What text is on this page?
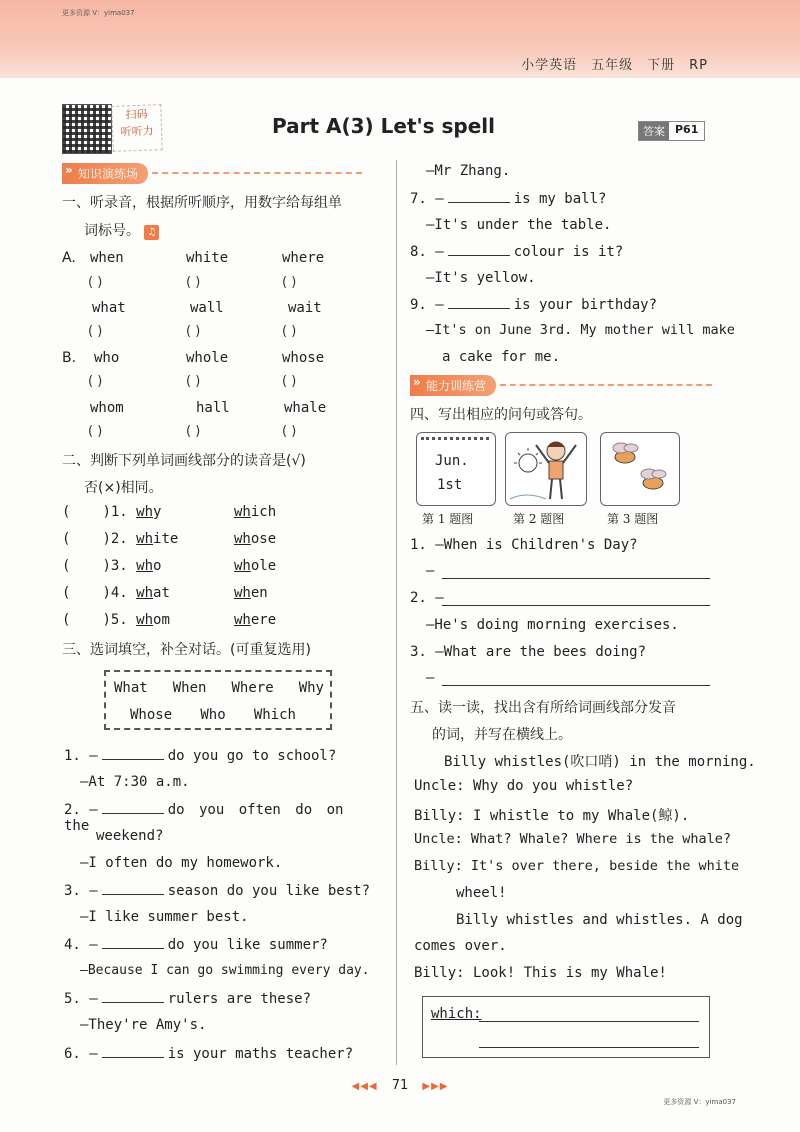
更多资源 V：yima037
小学英语 五年级 下册 RP
扫码
听听力	Part A(3) Let's spell	答案 P61
» 知识演练场
一、听录音，根据所听顺序，用数字给每组单
词标号。 ♫
A. when	white	where
( )	( )	( )
what	wall	wait
( )	( )	( )
B. who	whole	whose
( )	( )	( )
whom	hall	whale
( )	( )	( )
二、判断下列单词画线部分的读音是(√)
否(×)相同。
( )1. why	which
( )2. white	whose
( )3. who	whole
( )4. what	when
( )5. whom	where
三、选词填空，补全对话。(可重复选用)
What When Where Why
Whose Who Which
1. —	do you go to school?
—At 7:30 a.m.
2. —	do you often do on the
weekend?
—I often do my homework.
3. —	season do you like best?
—I like summer best.
4. —	do you like summer?
—Because I can go swimming every day.
5. —	rulers are these?
—They're Amy's.
6. —	is your maths teacher?
—Mr Zhang.
7. —	is my ball?
—It's under the table.
8. —	colour is it?
—It's yellow.
9. —	is your birthday?
—It's on June 3rd. My mother will make
a cake for me.
» 能力训练营
四、写出相应的问句或答句。
Jun.
1st
第 1 题图	第 2 题图	第 3 题图
1. —When is Children's Day?
—
2. —
—He's doing morning exercises.
3. —What are the bees doing?
—
五、读一读，找出含有所给词画线部分发音
的词，并写在横线上。
Billy whistles(吹口哨) in the morning.
Uncle: Why do you whistle?
Billy: I whistle to my Whale(鲸).
Uncle: What? Whale? Where is the whale?
Billy: It's over there, beside the white
wheel!
Billy whistles and whistles. A dog
comes over.
Billy: Look! This is my Whale!
which:
◀◀◀ 71 ▶▶▶
更多资源 V：yima037
